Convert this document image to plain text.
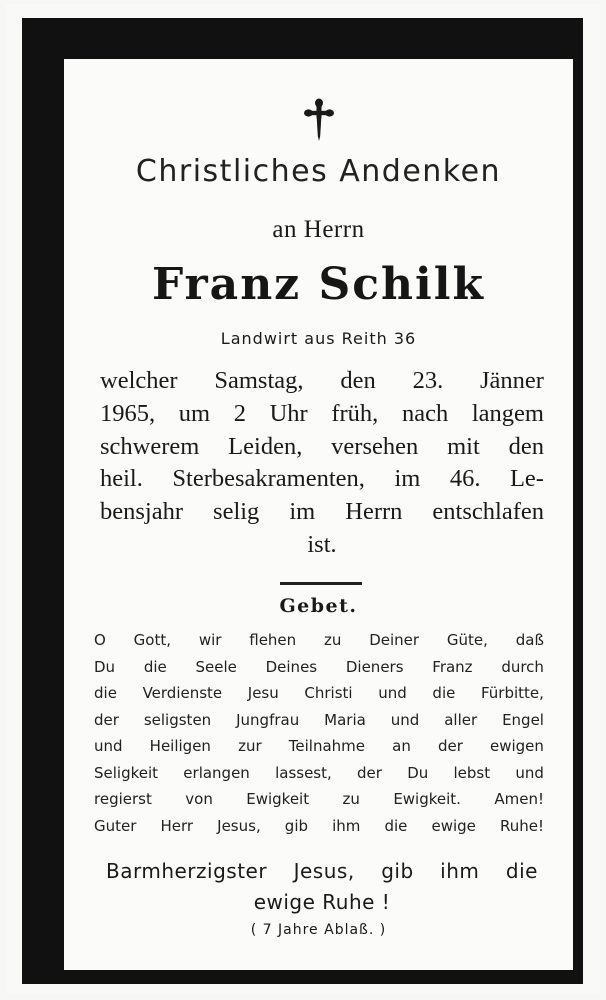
Christliches Andenken
an Herrn
Franz Schilk
Landwirt aus Reith 36
welcher Samstag, den 23. Jänner
1965, um 2 Uhr früh, nach langem
schwerem Leiden, versehen mit den
heil. Sterbesakramenten, im 46. Le-
bensjahr selig im Herrn entschlafen
ist.
Gebet.
O Gott, wir flehen zu Deiner Güte, daß
Du die Seele Deines Dieners Franz durch
die Verdienste Jesu Christi und die Fürbitte,
der seligsten Jungfrau Maria und aller Engel
und Heiligen zur Teilnahme an der ewigen
Seligkeit erlangen lassest, der Du lebst und
regierst von Ewigkeit zu Ewigkeit. Amen!
Guter Herr Jesus, gib ihm die ewige Ruhe!
Barmherzigster Jesus, gib ihm die
ewige Ruhe !
( 7 Jahre Ablaß. )
